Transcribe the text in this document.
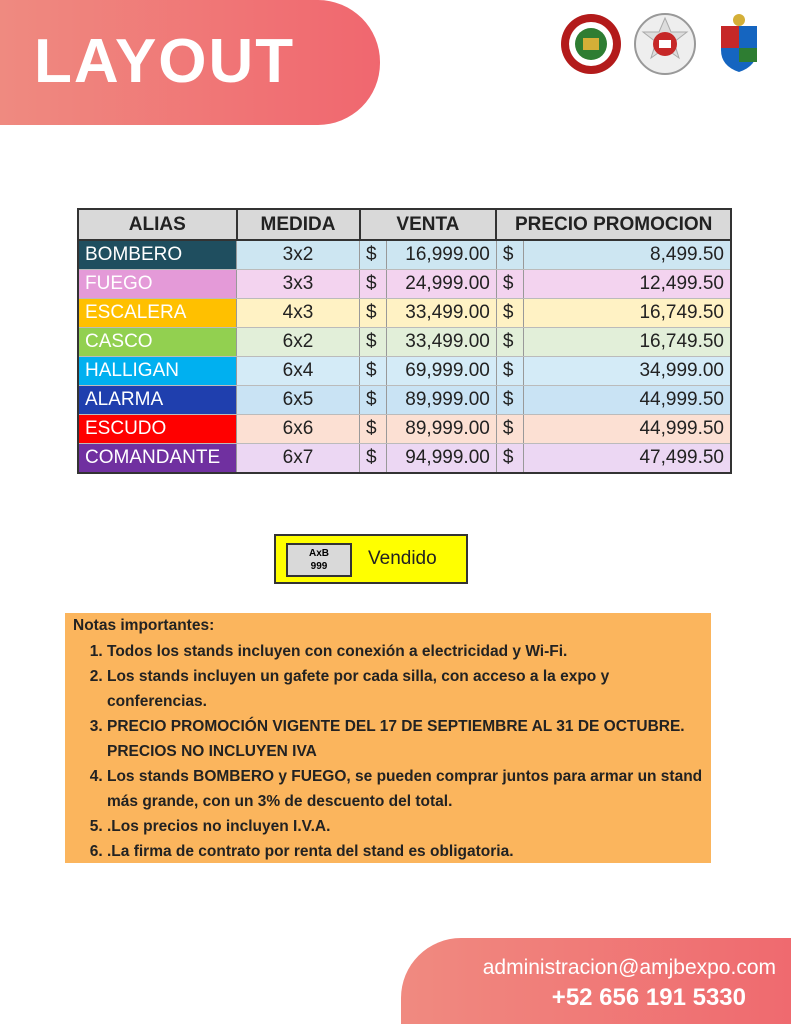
LAYOUT
ALIAS	MEDIDA	VENTA		PRECIO PROMOCION	
BOMBERO	3x2	$	16,999.00	$	8,499.50
FUEGO	3x3	$	24,999.00	$	12,499.50
ESCALERA	4x3	$	33,499.00	$	16,749.50
CASCO	6x2	$	33,499.00	$	16,749.50
HALLIGAN	6x4	$	69,999.00	$	34,999.00
ALARMA	6x5	$	89,999.00	$	44,999.50
ESCUDO	6x6	$	89,999.00	$	44,999.50
COMANDANTE	6x7	$	94,999.00	$	47,499.50
AxB
999	Vendido
Notas importantes:
1. Todos los stands incluyen con conexión a electricidad y Wi-Fi.
2. Los stands incluyen un gafete por cada silla, con acceso a la expo y conferencias.
3. PRECIO PROMOCIÓN VIGENTE DEL 17 DE SEPTIEMBRE AL 31 DE OCTUBRE. PRECIOS NO INCLUYEN IVA
4. Los stands BOMBERO y FUEGO, se pueden comprar juntos para armar un stand más grande, con un 3% de descuento del total.
5. .Los precios no incluyen I.V.A.
6. .La firma de contrato por renta del stand es obligatoria.
administracion@amjbexpo.com
+52 656 191 5330
